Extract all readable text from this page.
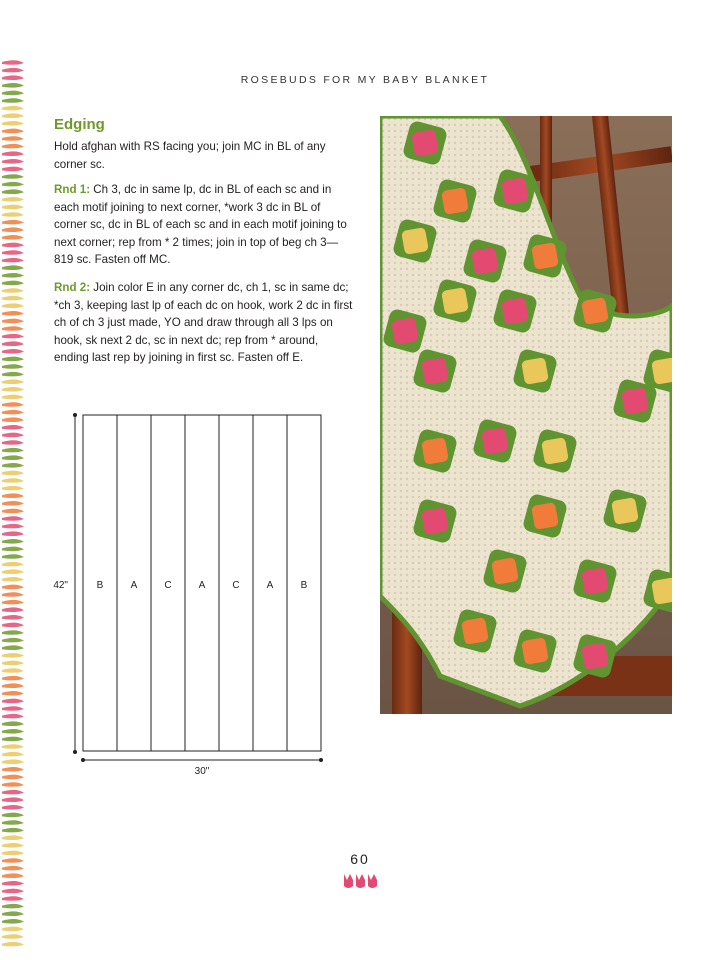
ROSEBUDS FOR MY BABY BLANKET
Edging
Hold afghan with RS facing you; join MC in BL of any corner sc.
Rnd 1: Ch 3, dc in same lp, dc in BL of each sc and in each motif joining to next corner, *work 3 dc in BL of corner sc, dc in BL of each sc and in each motif joining to next corner; rep from * 2 times; join in top of beg ch 3—819 sc. Fasten off MC.
Rnd 2: Join color E in any corner dc, ch 1, sc in same dc; *ch 3, keeping last lp of each dc on hook, work 2 dc in first ch of ch 3 just made, YO and draw through all 3 lps on hook, sk next 2 dc, sc in next dc; rep from * around, ending last rep by joining in first sc. Fasten off E.
B	A	C	A	C	A	B
42"
30"
60
